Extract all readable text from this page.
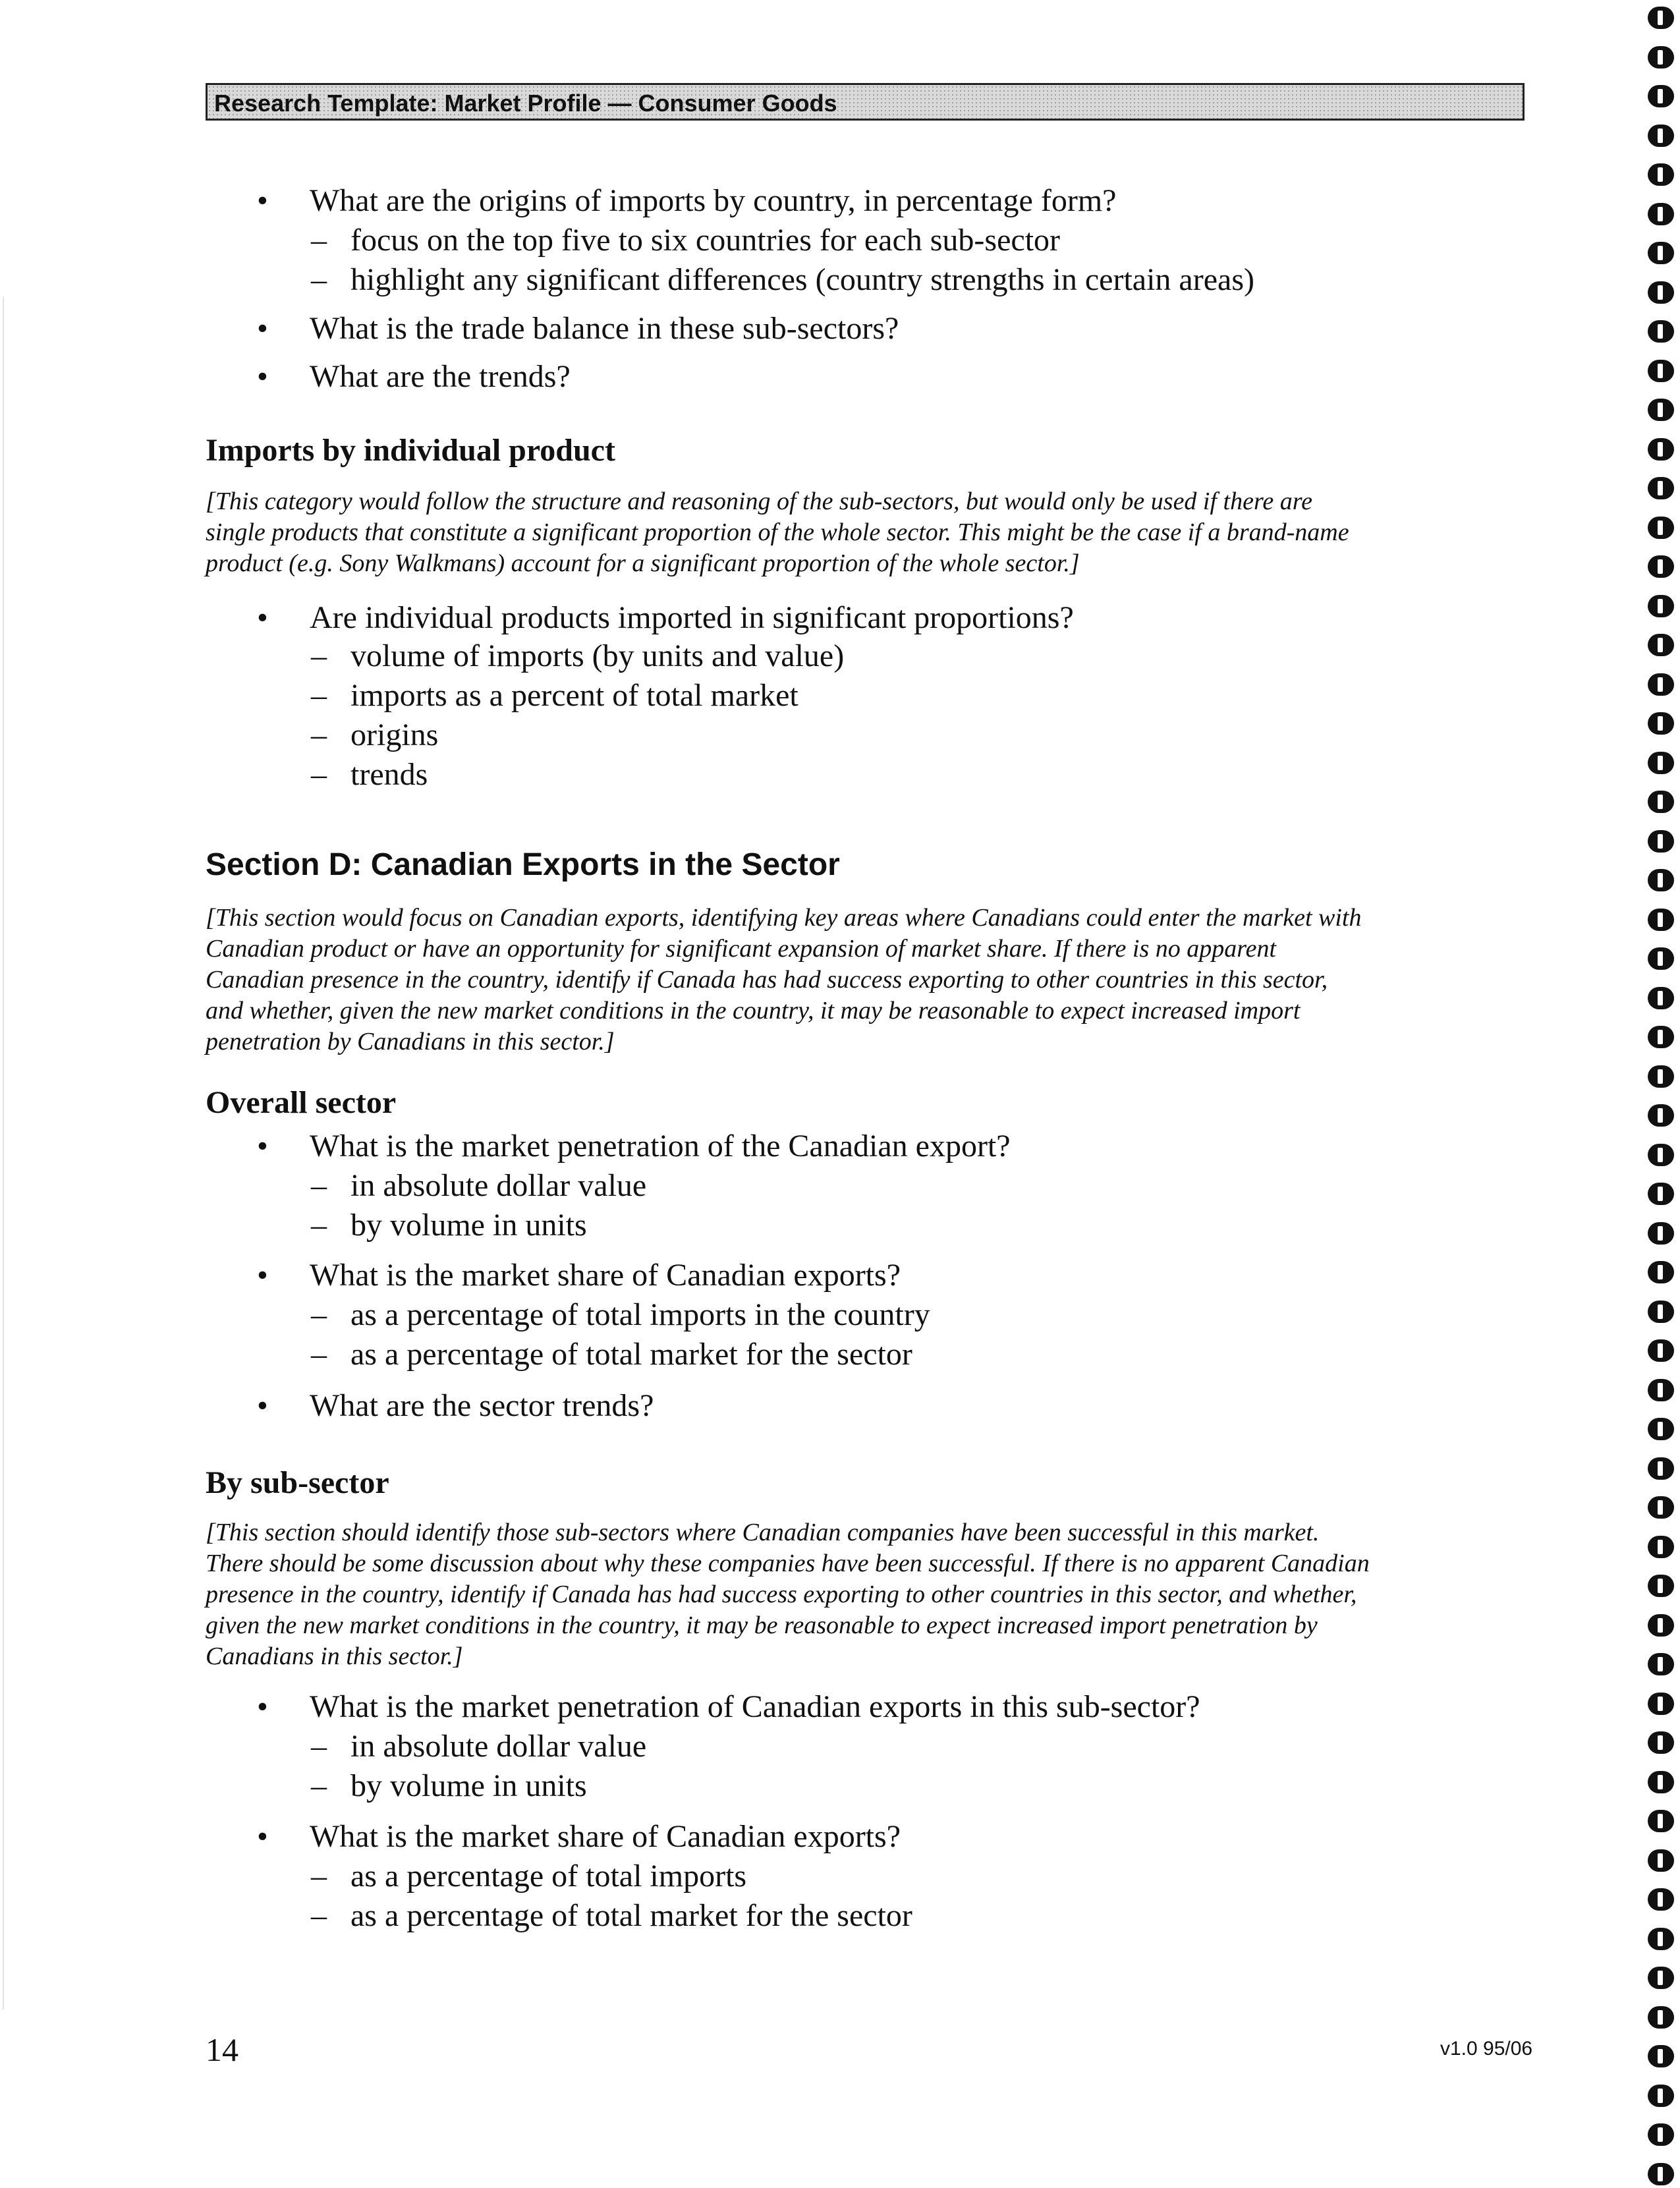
Research Template: Market Profile — Consumer Goods
• What are the origins of imports by country, in percentage form?
– focus on the top five to six countries for each sub-sector
– highlight any significant differences (country strengths in certain areas)
• What is the trade balance in these sub-sectors?
• What are the trends?
Imports by individual product
[This category would follow the structure and reasoning of the sub-sectors, but would only be used if there are
single products that constitute a significant proportion of the whole sector. This might be the case if a brand-name
product (e.g. Sony Walkmans) account for a significant proportion of the whole sector.]
• Are individual products imported in significant proportions?
– volume of imports (by units and value)
– imports as a percent of total market
– origins
– trends
Section D: Canadian Exports in the Sector
[This section would focus on Canadian exports, identifying key areas where Canadians could enter the market with
Canadian product or have an opportunity for significant expansion of market share. If there is no apparent
Canadian presence in the country, identify if Canada has had success exporting to other countries in this sector,
and whether, given the new market conditions in the country, it may be reasonable to expect increased import
penetration by Canadians in this sector.]
Overall sector
• What is the market penetration of the Canadian export?
– in absolute dollar value
– by volume in units
• What is the market share of Canadian exports?
– as a percentage of total imports in the country
– as a percentage of total market for the sector
• What are the sector trends?
By sub-sector
[This section should identify those sub-sectors where Canadian companies have been successful in this market.
There should be some discussion about why these companies have been successful. If there is no apparent Canadian
presence in the country, identify if Canada has had success exporting to other countries in this sector, and whether,
given the new market conditions in the country, it may be reasonable to expect increased import penetration by
Canadians in this sector.]
• What is the market penetration of Canadian exports in this sub-sector?
– in absolute dollar value
– by volume in units
• What is the market share of Canadian exports?
– as a percentage of total imports
– as a percentage of total market for the sector
14	v1.0 95/06
